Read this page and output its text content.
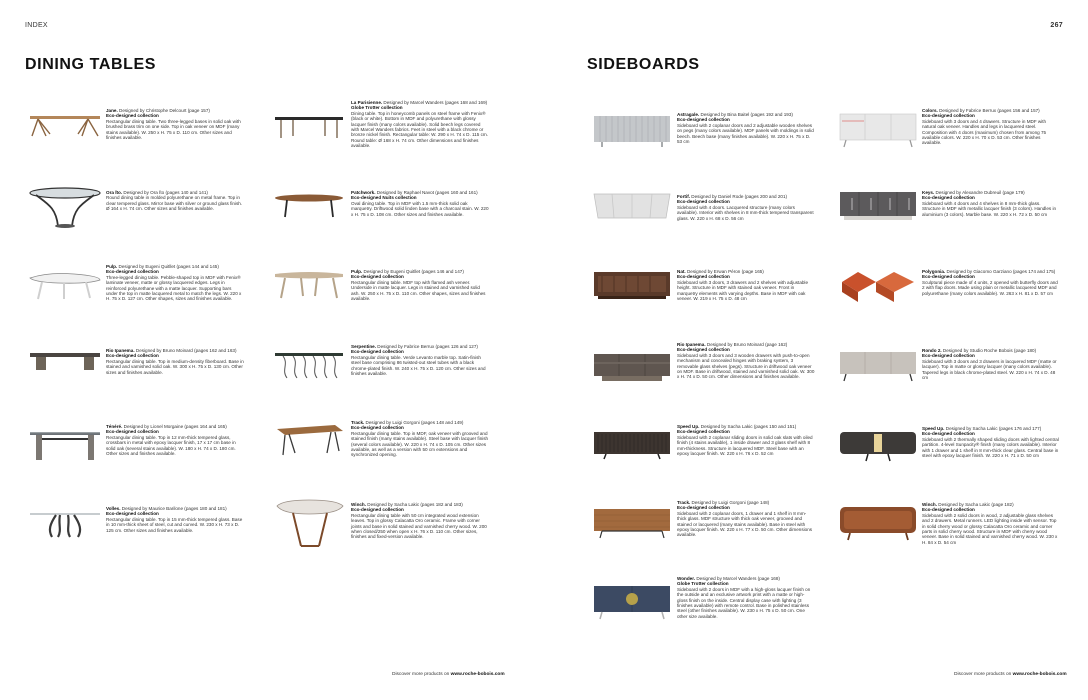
INDEX	267
DINING TABLES	SIDEBOARDS

Jane. Designed by Christophe Delcourt (page 157)

Eco-designed collection

Rectangular dining table. Two three-legged bases in solid oak with brushed brass trim on one side. Top in oak veneer on MDF (many stains available). W. 250 x H. 75 x D. 110 cm. Other sizes and finishes available.

Ora Ïto. Designed by Ora Ïto (pages 140 and 141)

Round dining table in molded polyurethane on metal frame. Top in clear tempered glass. Mirror base with silver or ground glass finish. Ø 164 x H. 74 cm. Other sizes and finishes available.

Pulp. Designed by Eugeni Quitllet (pages 144 and 145)

Eco-designed collection

Three-legged dining table. Pebble-shaped top in MDF with Fenix® laminate veneer, matte or glossy lacquered edges. Legs in reinforced polyurethane with a matte lacquer. Supporting bars under the top in matte lacquered metal to match the legs. W. 220 x H. 75 x D. 127 cm. Other shapes, sizes and finishes available.

Rio Ipanema. Designed by Bruno Moinard (pages 162 and 163)

Eco-designed collection

Rectangular dining table. Top in medium-density fiberboard. Base in stained and varnished solid oak. W. 300 x H. 75 x D. 130 cm. Other sizes and finishes available.

Ténéré. Designed by Lionel Morgaine (pages 164 and 165)

Eco-designed collection

Rectangular dining table. Top in 12 mm-thick tempered glass, crossbars in metal with epoxy lacquer finish, 17 x 17 cm base in solid oak (several stains available). W. 180 x H. 74 x D. 180 cm. Other sizes and finishes available.

Volles. Designed by Maurice Barilone (pages 180 and 181)

Eco-designed collection

Rectangular dining table. Top in 15 mm-thick tempered glass. Base in 10 mm-thick sheet of steel, cut and curved. W. 230 x H. 73 x D. 125 cm. Other sizes and finishes available.

La Parisienne. Designed by Marcel Wanders (pages 168 and 169)

Globe Trotter collection

Dining table. Top in honeycomb panels on steel frame with Fenix® (black or white). Bottom in MDF and polyurethane with glossy lacquer finish (many colors available). Solid beech legs covered with Marcel Wanders fabrics. Feet in steel with a black chrome or bronze nickel finish. Rectangular table: W. 290 x H. 74 x D. 115 cm. Round table: Ø 168 x H. 74 cm. Other dimensions and finishes available.

Patchwork. Designed by Raphael Navot (pages 160 and 161)

Eco-designed Nuits collection

Oval dining table. Top in MDF with 1.5 mm-thick solid oak marquetry. Driftwood solid linden base with a charcoal stain. W. 220 x H. 75 x D. 108 cm. Other sizes and finishes available.

Pulp. Designed by Eugeni Quitllet (pages 146 and 147)

Eco-designed collection

Rectangular dining table. MDF top with flamed ash veneer. Underside in matte lacquer. Legs in stained and varnished solid ash. W. 250 x H. 75 x D. 110 cm. Other shapes, sizes and finishes available.

Serpentine. Designed by Fabrice Berrux (pages 126 and 127)

Eco-designed collection

Rectangular dining table. Verde Levanto marble top. Satin-finish steel base comprising 86 twisted-out steel tubes with a black chrome-plated finish. W. 240 x H. 75 x D. 120 cm. Other sizes and finishes available.

Track. Designed by Luigi Gorgoni (pages 148 and 149)

Eco-designed collection

Rectangular dining table. Top in MDF, oak veneer with grooved and stained finish (many stains available). Steel base with lacquer finish (several colors available). W. 220 x H. 74 x D. 105 cm. Other sizes available, as well as a version with 50 cm extensions and synchronized opening.

Winch. Designed by Sacha Lakic (pages 182 and 183)

Eco-designed collection

Rectangular dining table with 50 cm integrated wood extension leaves. Top in glossy Calacatta Oro ceramic. Frame with corner joints and base in solid stained and varnished cherry wood. W. 200 when closed/250 when open x H. 76 x D. 110 cm. Other sizes, finishes and fixed-version available.

Astragale. Designed by Bina Baitel (pages 192 and 193)

Eco-designed collection

Sideboard with 2 coplanar doors and 2 adjustable wooden shelves on pegs (many colors available). MDF panels with moldings in solid beech. Beech base (many finishes available). W. 220 x H. 75 x D. 53 cm

Fortif. Designed by Daniel Rode (pages 200 and 201)

Eco-designed collection

Sideboard with 4 doors. Lacquered structure (many colors available). Interior with shelves in 8 mm-thick tempered transparent glass. W. 220 x H. 68 x D. 56 cm

Nat. Designed by Erwan Péron (page 165)

Eco-designed collection

Sideboard with 3 doors, 3 drawers and 2 shelves with adjustable height. Structure in MDF with stained oak veneer. Front in marquetry elements with varying depths. Base in MDF with oak veneer. W. 219 x H. 75 x D. 48 cm

Rio Ipanema. Designed by Bruno Moinard (page 162)

Eco-designed collection

Sideboard with 3 doors and 3 wooden drawers with push-to-open mechanism and concealed hinges with braking system, 3 removable glass shelves (pegs). Structure in driftwood oak veneer on MDF. Base in driftwood, stained and varnished solid oak. W. 300 x H. 74 x D. 50 cm. Other dimensions and finishes available.

Speed Up. Designed by Sacha Lakic (pages 150 and 151)

Eco-designed collection

Sideboard with 2 coplanar sliding doors in solid oak slats with oiled finish (4 stains available), 1 inside drawer and 3 glass shelf with 8 mm-thickness. Structure in lacquered MDF. Steel base with an epoxy lacquer finish. W. 220 x H. 76 x D. 52 cm

Track. Designed by Luigi Gorgoni (page 148)

Eco-designed collection

Sideboard with 2 coplanar doors, 1 drawer and 1 shelf in 8 mm-thick glass. MDF structure with thick oak veneer, grooved and stained or lacquered (many stains available). Base in steel with epoxy lacquer finish. W. 220 x H. 77 x D. 50 cm. Other dimensions available.

Wonder. Designed by Marcel Wanders (page 168)

Globe Trotter collection

Sideboard with 2 doors in MDF with a high-gloss lacquer finish on the outside and an exclusive artwork print with a matte or high-gloss finish on the inside. Central display case with lighting (3 finishes available) with remote control. Base in polished stainless steel (other finishes available). W. 230 x H. 75 x D. 50 cm. One other size available.

Colors. Designed by Fabrice Berrux (pages 156 and 157)

Eco-designed collection

Sideboard with 3 doors and 4 drawers. Structure in MDF with natural oak veneer. Handles and legs in lacquered steel. Composition with 4 doors (maximum) chosen from among 75 available colors. W. 220 x H. 70 x D. 53 cm. Other finishes available.

Keys. Designed by Alexandre Dubreuil (page 179)

Eco-designed collection

Sideboard with 4 doors and 4 shelves in 8 mm-thick glass. Structure in MDF with metallic lacquer finish (3 colors). Handles in aluminium (3 colors). Marble base. W. 220 x H. 72 x D. 50 cm

Polygonia. Designed by Giacomo Garziano (pages 174 and 175)

Eco-designed collection

Sculptural piece made of 4 units, 2 opened with butterfly doors and 2 with flap doors. Made using plain or metallic lacquered MDF and polyurethane (many colors available). W. 263 x H. 81 x D. 57 cm

Rondo 2. Designed by Studio Roche Bobois (page 180)

Eco-designed collection

Sideboard with 3 doors and 3 drawers in lacquered MDF (matte or lacquer). Top in matte or glossy lacquer (many colors available). Tapered legs in black chrome-plated steel. W. 220 x H. 74 x D. 48 cm

Speed Up. Designed by Sacha Lakic (pages 176 and 177)

Eco-designed collection

Sideboard with 2 thermally shaped sliding doors with lighted central partition. 4-level Sunpacity® finish (many colors available). Interior with 1 drawer and 1 shelf in 8 mm-thick clear glass. Central base in steel with epoxy lacquer finish. W. 220 x H. 71 x D. 50 cm

Winch. Designed by Sacha Lakic (page 182)

Eco-designed collection

Sideboard with 2 solid doors in wood, 2 adjustable glass shelves and 2 drawers. Metal runners. LED lighting inside with sensor. Top in solid cherry wood or glossy Calacatta Oro ceramic and corner parts in solid cherry wood. Structure in MDF with cherry wood veneer. Base in solid stained and varnished cherry wood. W. 230 x H. 84 x D. 54 cm

Discover more products on www.roche-bobois.com	Discover more products on www.roche-bobois.com
